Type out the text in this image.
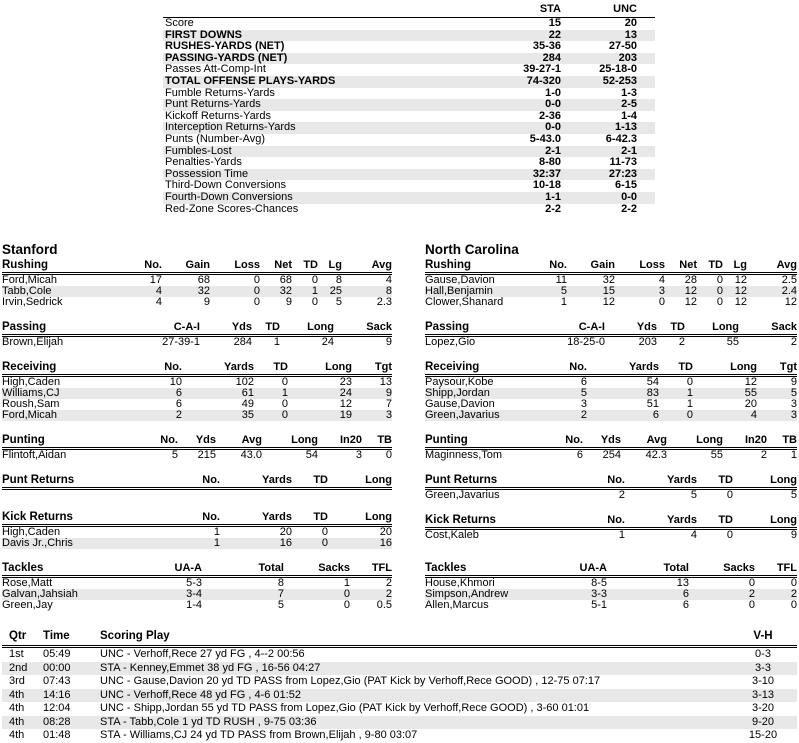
	STA	UNC
Score	15	20
FIRST DOWNS	22	13
RUSHES-YARDS (NET)	35-36	27-50
PASSING-YARDS (NET)	284	203
Passes Att-Comp-Int	39-27-1	25-18-0
TOTAL OFFENSE PLAYS-YARDS	74-320	52-253
Fumble Returns-Yards	1-0	1-3
Punt Returns-Yards	0-0	2-5
Kickoff Returns-Yards	2-36	1-4
Interception Returns-Yards	0-0	1-13
Punts (Number-Avg)	5-43.0	6-42.3
Fumbles-Lost	2-1	2-1
Penalties-Yards	8-80	11-73
Possession Time	32:37	27:23
Third-Down Conversions	10-18	6-15
Fourth-Down Conversions	1-1	0-0
Red-Zone Scores-Chances	2-2	2-2
Stanford
Rushing	No.	Gain	Loss	Net	TD	Lg	Avg
Ford,Micah	17	68	0	68	0	8	4
Tabb,Cole	4	32	0	32	1	25	8
Irvin,Sedrick	4	9	0	9	0	5	2.3
Passing	C-A-I	Yds	TD	Long	Sack
Brown,Elijah	27-39-1	284	1	24	9
Receiving	No.	Yards	TD	Long	Tgt
High,Caden	10	102	0	23	13
Williams,CJ	6	61	1	24	9
Roush,Sam	6	49	0	12	7
Ford,Micah	2	35	0	19	3
Punting	No.	Yds	Avg	Long	In20	TB
Flintoft,Aidan	5	215	43.0	54	3	0
Punt Returns	No.	Yards	TD	Long
Kick Returns	No.	Yards	TD	Long
High,Caden	1	20	0	20
Davis Jr.,Chris	1	16	0	16
Tackles	UA-A	Total	Sacks	TFL
Rose,Matt	5-3	8	1	2
Galvan,Jahsiah	3-4	7	0	2
Green,Jay	1-4	5	0	0.5
North Carolina
Rushing	No.	Gain	Loss	Net	TD	Lg	Avg
Gause,Davion	11	32	4	28	0	12	2.5
Hall,Benjamin	5	15	3	12	0	12	2.4
Clower,Shanard	1	12	0	12	0	12	12
Passing	C-A-I	Yds	TD	Long	Sack
Lopez,Gio	18-25-0	203	2	55	2
Receiving	No.	Yards	TD	Long	Tgt
Paysour,Kobe	6	54	0	12	9
Shipp,Jordan	5	83	1	55	5
Gause,Davion	3	51	1	20	3
Green,Javarius	2	6	0	4	3
Punting	No.	Yds	Avg	Long	In20	TB
Maginness,Tom	6	254	42.3	55	2	1
Punt Returns	No.	Yards	TD	Long
Green,Javarius	2	5	0	5
Kick Returns	No.	Yards	TD	Long
Cost,Kaleb	1	4	0	9
Tackles	UA-A	Total	Sacks	TFL
House,Khmori	8-5	13	0	0
Simpson,Andrew	3-3	6	2	2
Allen,Marcus	5-1	6	0	0
Qtr	Time	Scoring Play	V-H
1st	05:49	UNC - Verhoff,Rece 27 yd FG , 4--2 00:56	0-3
2nd	00:00	STA - Kenney,Emmet 38 yd FG , 16-56 04:27	3-3
3rd	07:43	UNC - Gause,Davion 20 yd TD PASS from Lopez,Gio (PAT Kick by Verhoff,Rece GOOD) , 12-75 07:17	3-10
4th	14:16	UNC - Verhoff,Rece 48 yd FG , 4-6 01:52	3-13
4th	12:04	UNC - Shipp,Jordan 55 yd TD PASS from Lopez,Gio (PAT Kick by Verhoff,Rece GOOD) , 3-60 01:01	3-20
4th	08:28	STA - Tabb,Cole 1 yd TD RUSH , 9-75 03:36	9-20
4th	01:48	STA - Williams,CJ 24 yd TD PASS from Brown,Elijah , 9-80 03:07	15-20
